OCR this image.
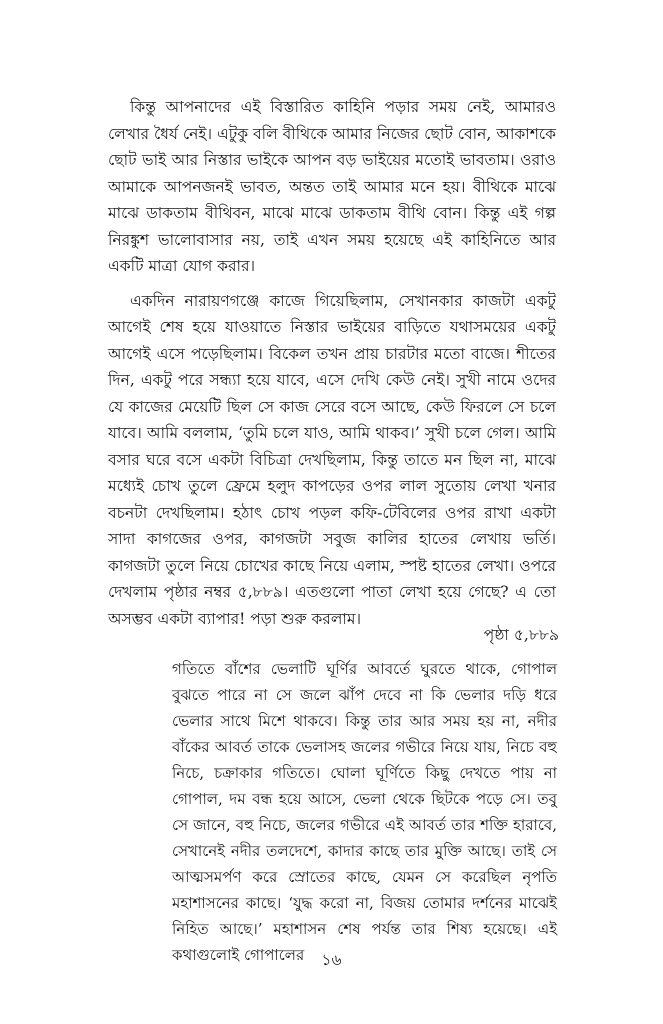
কিন্তু আপনাদের এই বিস্তারিত কাহিনি পড়ার সময় নেই, আমারও লেখার ধৈর্য নেই। এটুকু বলি বীথিকে আমার নিজের ছোট বোন, আকাশকে ছোট ভাই আর নিস্তার ভাইকে আপন বড় ভাইয়ের মতোই ভাবতাম। ওরাও আমাকে আপনজনই ভাবত, অন্তত তাই আমার মনে হয়। বীথিকে মাঝে মাঝে ডাকতাম বীথিবন, মাঝে মাঝে ডাকতাম বীথি বোন। কিন্তু এই গল্প নিরঙ্কুশ ভালোবাসার নয়, তাই এখন সময় হয়েছে এই কাহিনিতে আর একটি মাত্রা যোগ করার।

একদিন নারায়ণগঞ্জে কাজে গিয়েছিলাম, সেখানকার কাজটা একটু আগেই শেষ হয়ে যাওয়াতে নিস্তার ভাইয়ের বাড়িতে যথাসময়ের একটু আগেই এসে পড়েছিলাম। বিকেল তখন প্রায় চারটার মতো বাজে। শীতের দিন, একটু পরে সন্ধ্যা হয়ে যাবে, এসে দেখি কেউ নেই। সুখী নামে ওদের যে কাজের মেয়েটি ছিল সে কাজ সেরে বসে আছে, কেউ ফিরলে সে চলে যাবে। আমি বললাম, ‘তুমি চলে যাও, আমি থাকব।’ সুখী চলে গেল। আমি বসার ঘরে বসে একটা বিচিত্রা দেখছিলাম, কিন্তু তাতে মন ছিল না, মাঝে মধ্যেই চোখ তুলে ফ্রেমে হলুদ কাপড়ের ওপর লাল সুতোয় লেখা খনার বচনটা দেখছিলাম। হঠাৎ চোখ পড়ল কফি-টেবিলের ওপর রাখা একটা সাদা কাগজের ওপর, কাগজটা সবুজ কালির হাতের লেখায় ভর্তি। কাগজটা তুলে নিয়ে চোখের কাছে নিয়ে এলাম, স্পষ্ট হাতের লেখা। ওপরে দেখলাম পৃষ্ঠার নম্বর ৫,৮৮৯। এতগুলো পাতা লেখা হয়ে গেছে? এ তো অসম্ভব একটা ব্যাপার! পড়া শুরু করলাম।

পৃষ্ঠা ৫,৮৮৯

গতিতে বাঁশের ভেলাটি ঘূর্ণির আবর্তে ঘুরতে থাকে, গোপাল বুঝতে পারে না সে জলে ঝাঁপ দেবে না কি ভেলার দড়ি ধরে ভেলার সাথে মিশে থাকবে। কিন্তু তার আর সময় হয় না, নদীর বাঁকের আবর্ত তাকে ভেলাসহ জলের গভীরে নিয়ে যায়, নিচে বহু নিচে, চক্রাকার গতিতে। ঘোলা ঘূর্ণিতে কিছু দেখতে পায় না গোপাল, দম বন্ধ হয়ে আসে, ভেলা থেকে ছিটকে পড়ে সে। তবু সে জানে, বহু নিচে, জলের গভীরে এই আবর্ত তার শক্তি হারাবে, সেখানেই নদীর তলদেশে, কাদার কাছে তার মুক্তি আছে। তাই সে আত্মসমর্পণ করে স্রোতের কাছে, যেমন সে করেছিল নৃপতি মহাশাসনের কাছে। ‘যুদ্ধ করো না, বিজয় তোমার দর্শনের মাঝেই নিহিত আছে।’ মহাশাসন শেষ পর্যন্ত তার শিষ্য হয়েছে। এই কথাগুলোই গোপালের	১৬
